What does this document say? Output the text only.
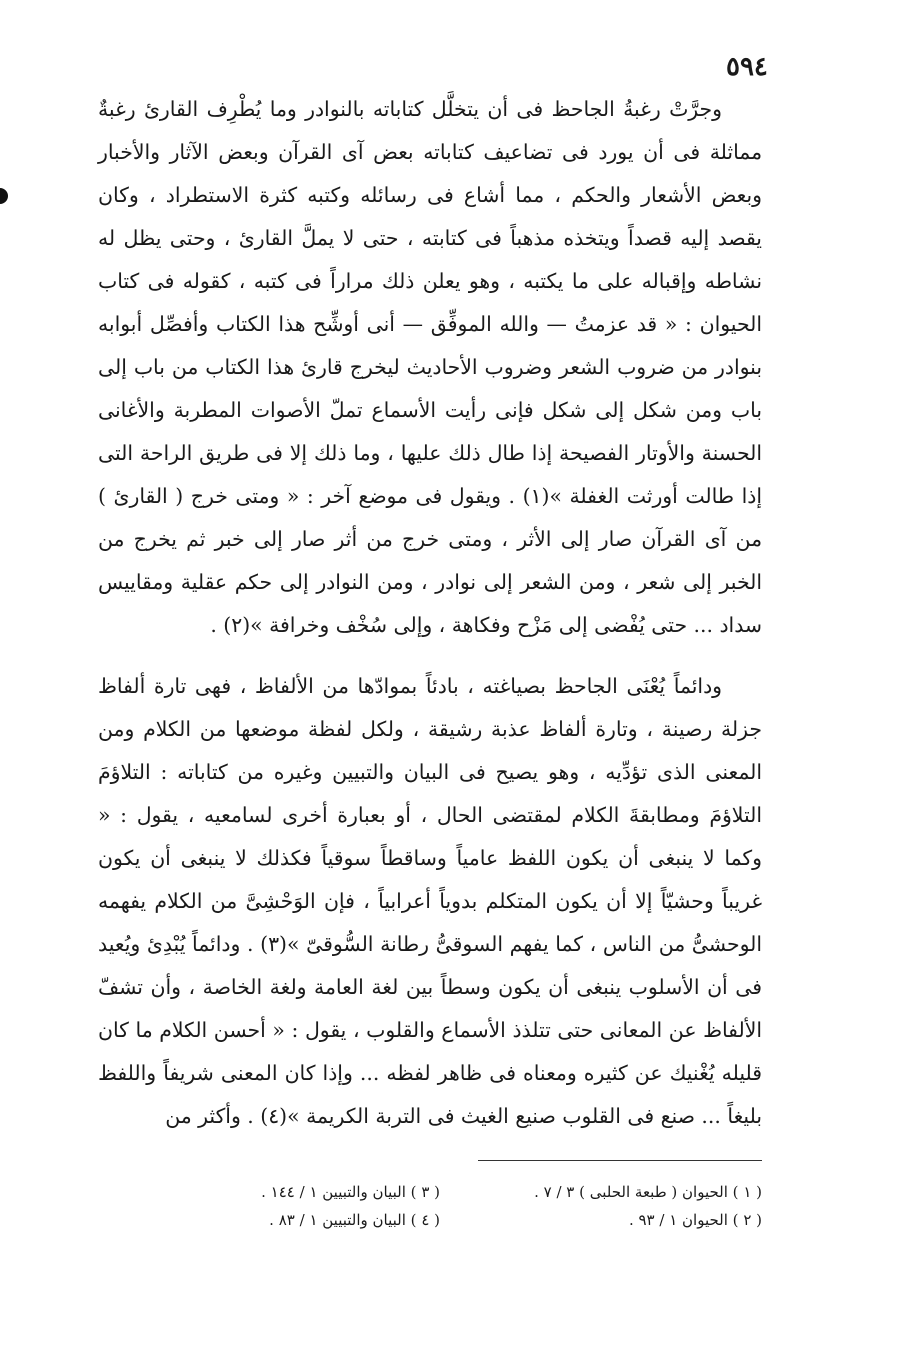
٥٩٤

وجرَّتْ رغبةُ الجاحظ فى أن يتخلَّل كتاباته بالنوادر وما يُطْرِف القارئ رغبةٌ مماثلة فى أن يورد فى تضاعيف كتاباته بعض آى القرآن وبعض الآثار والأخبار وبعض الأشعار والحكم ، مما أشاع فى رسائله وكتبه كثرة الاستطراد ، وكان يقصد إليه قصداً ويتخذه مذهباً فى كتابته ، حتى لا يملَّ القارئ ، وحتى يظل له نشاطه وإقباله على ما يكتبه ، وهو يعلن ذلك مراراً فى كتبه ، كقوله فى كتاب الحيوان : « قد عزمتُ — والله الموفِّق — أنى أوشِّح هذا الكتاب وأفصِّل أبوابه بنوادر من ضروب الشعر وضروب الأحاديث ليخرج قارئ هذا الكتاب من باب إلى باب ومن شكل إلى شكل فإنى رأيت الأسماع تملّ الأصوات المطربة والأغانى الحسنة والأوتار الفصيحة إذا طال ذلك عليها ، وما ذلك إلا فى طريق الراحة التى إذا طالت أورثت الغفلة »(١) . ويقول فى موضع آخر : « ومتى خرج ( القارئ ) من آى القرآن صار إلى الأثر ، ومتى خرج من أثر صار إلى خبر ثم يخرج من الخبر إلى شعر ، ومن الشعر إلى نوادر ، ومن النوادر إلى حكم عقلية ومقاييس سداد ... حتى يُفْضى إلى مَزْح وفكاهة ، وإلى سُخْف وخرافة »(٢) .

ودائماً يُعْنَى الجاحظ بصياغته ، بادئاً بموادّها من الألفاظ ، فهى تارة ألفاظ جزلة رصينة ، وتارة ألفاظ عذبة رشيقة ، ولكل لفظة موضعها من الكلام ومن المعنى الذى تؤدِّيه ، وهو يصيح فى البيان والتبيين وغيره من كتاباته : التلاؤمَ التلاؤمَ ومطابقةَ الكلام لمقتضى الحال ، أو بعبارة أخرى لسامعيه ، يقول : « وكما لا ينبغى أن يكون اللفظ عامياً وساقطاً سوقياً فكذلك لا ينبغى أن يكون غريباً وحشيّاً إلا أن يكون المتكلم بدوياً أعرابياً ، فإن الوَحْشِىَّ من الكلام يفهمه الوحشىُّ من الناس ، كما يفهم السوقىُّ رطانة السُّوقىّ »(٣) . ودائماً يُبْدِئ ويُعيد فى أن الأسلوب ينبغى أن يكون وسطاً بين لغة العامة ولغة الخاصة ، وأن تشفّ الألفاظ عن المعانى حتى تتلذذ الأسماع والقلوب ، يقول : « أحسن الكلام ما كان قليله يُغْنيك عن كثيره ومعناه فى ظاهر لفظه ... وإذا كان المعنى شريفاً واللفظ بليغاً ... صنع فى القلوب صنيع الغيث فى التربة الكريمة »(٤) . وأكثر من

( ١ ) الحيوان ( طبعة الحلبى ) ٣ / ٧ .
( ٢ ) الحيوان ١ / ٩٣ .
( ٣ ) البيان والتبيين ١ / ١٤٤ .
( ٤ ) البيان والتبيين ١ / ٨٣ .
